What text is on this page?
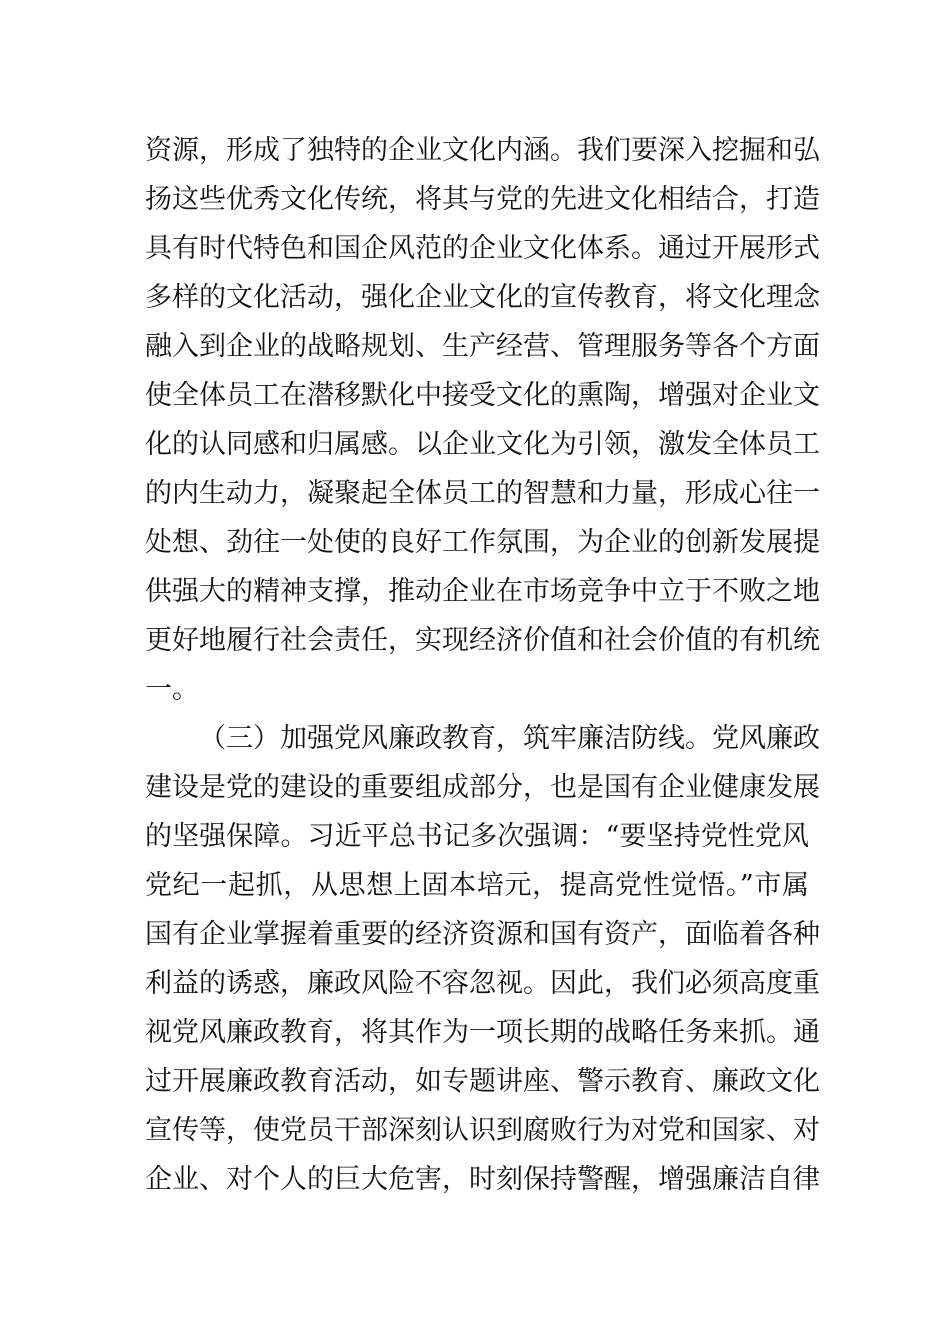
资源，形成了独特的企业文化内涵。我们要深入挖掘和弘
扬这些优秀文化传统，将其与党的先进文化相结合，打造
具有时代特色和国企风范的企业文化体系。通过开展形式
多样的文化活动，强化企业文化的宣传教育，将文化理念
融入到企业的战略规划、生产经营、管理服务等各个方面
使全体员工在潜移默化中接受文化的熏陶，增强对企业文
化的认同感和归属感。以企业文化为引领，激发全体员工
的内生动力，凝聚起全体员工的智慧和力量，形成心往一
处想、劲往一处使的良好工作氛围，为企业的创新发展提
供强大的精神支撑，推动企业在市场竞争中立于不败之地
更好地履行社会责任，实现经济价值和社会价值的有机统
一。
（三）加强党风廉政教育，筑牢廉洁防线。党风廉政
建设是党的建设的重要组成部分，也是国有企业健康发展
的坚强保障。习近平总书记多次强调：“要坚持党性党风
党纪一起抓，从思想上固本培元，提高党性觉悟。”市属
国有企业掌握着重要的经济资源和国有资产，面临着各种
利益的诱惑，廉政风险不容忽视。因此，我们必须高度重
视党风廉政教育，将其作为一项长期的战略任务来抓。通
过开展廉政教育活动，如专题讲座、警示教育、廉政文化
宣传等，使党员干部深刻认识到腐败行为对党和国家、对
企业、对个人的巨大危害，时刻保持警醒，增强廉洁自律
